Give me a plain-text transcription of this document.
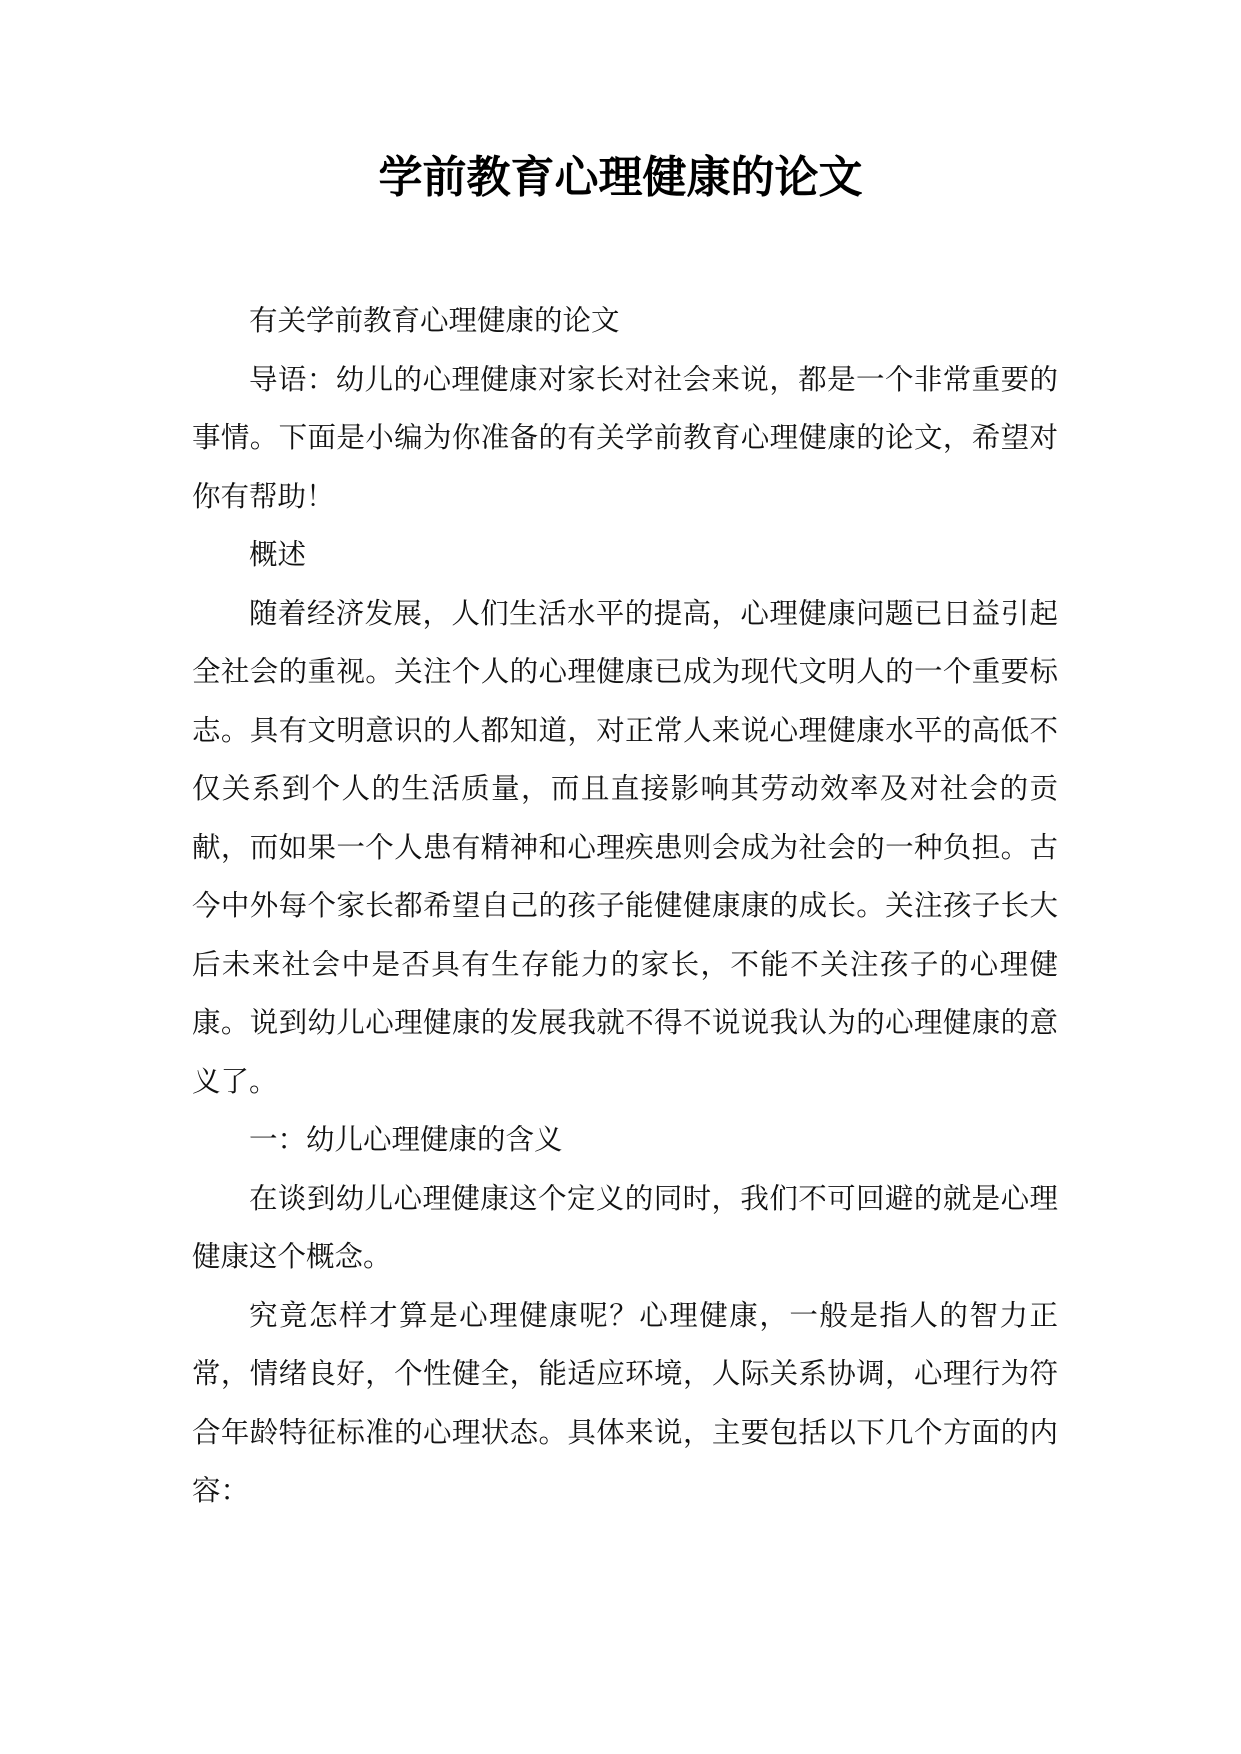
学前教育心理健康的论文

有关学前教育心理健康的论文

导语：幼儿的心理健康对家长对社会来说，都是一个非常重要的事情。下面是小编为你准备的有关学前教育心理健康的论文，希望对你有帮助！

概述

随着经济发展，人们生活水平的提高，心理健康问题已日益引起全社会的重视。关注个人的心理健康已成为现代文明人的一个重要标志。具有文明意识的人都知道，对正常人来说心理健康水平的高低不仅关系到个人的生活质量，而且直接影响其劳动效率及对社会的贡献，而如果一个人患有精神和心理疾患则会成为社会的一种负担。古今中外每个家长都希望自己的孩子能健健康康的成长。关注孩子长大后未来社会中是否具有生存能力的家长，不能不关注孩子的心理健康。说到幼儿心理健康的发展我就不得不说说我认为的心理健康的意义了。

一：幼儿心理健康的含义

在谈到幼儿心理健康这个定义的同时，我们不可回避的就是心理健康这个概念。

究竟怎样才算是心理健康呢？心理健康，一般是指人的智力正常，情绪良好，个性健全，能适应环境，人际关系协调，心理行为符合年龄特征标准的心理状态。具体来说，主要包括以下几个方面的内容：
